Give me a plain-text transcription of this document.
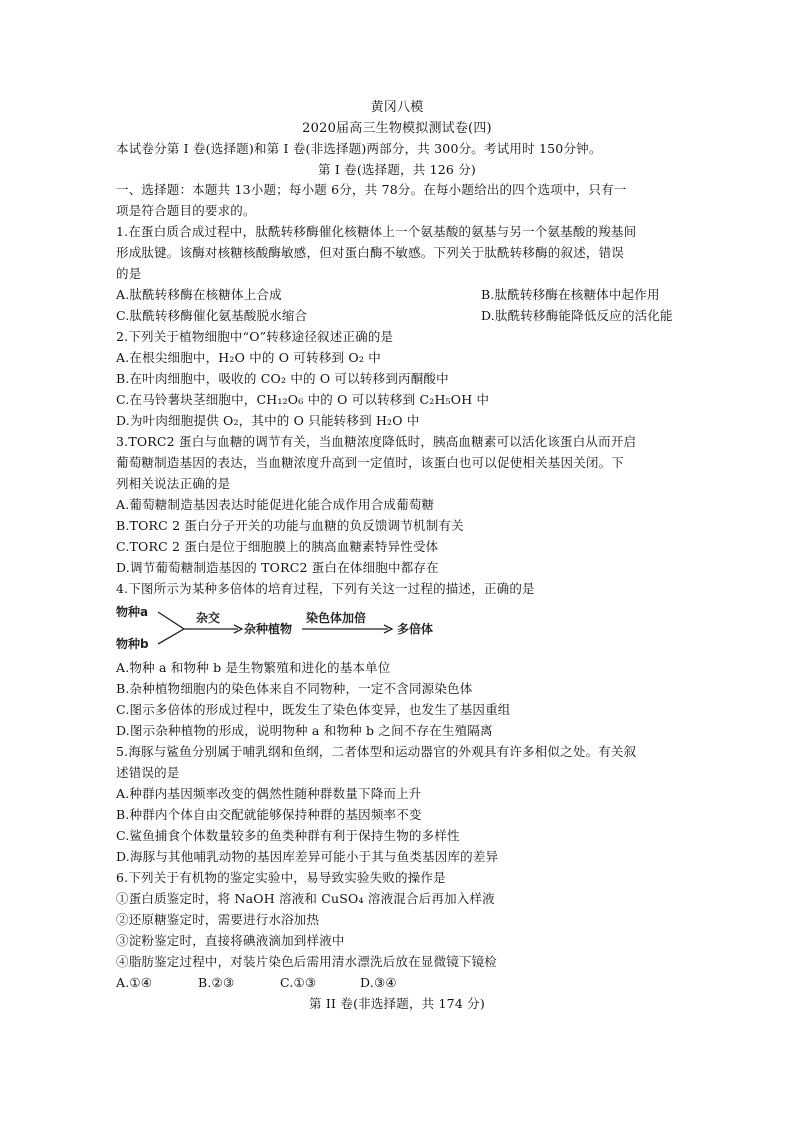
黄冈八模
2020届高三生物模拟测试卷(四)
本试卷分第 I 卷(选择题)和第 I 卷(非选择题)两部分，共 300分。考试用时 150分钟。
第 I 卷(选择题，共 126 分)
一、选择题：本题共 13小题；每小题 6分，共 78分。在每小题给出的四个选项中，只有一
项是符合题目的要求的。
1.在蛋白质合成过程中，肽酰转移酶催化核糖体上一个氨基酸的氨基与另一个氨基酸的羧基间
形成肽键。该酶对核糖核酸酶敏感，但对蛋白酶不敏感。下列关于肽酰转移酶的叙述，错误
的是
A.肽酰转移酶在核糖体上合成	B.肽酰转移酶在核糖体中起作用
C.肽酰转移酶催化氨基酸脱水缩合	D.肽酰转移酶能降低反应的活化能
2.下列关于植物细胞中“O”转移途径叙述正确的是
A.在根尖细胞中，H₂O 中的 O 可转移到 O₂ 中
B.在叶肉细胞中，吸收的 CO₂ 中的 O 可以转移到丙酮酸中
C.在马铃薯块茎细胞中，CH₁₂O₆ 中的 O 可以转移到 C₂H₅OH 中
D.为叶肉细胞提供 O₂，其中的 O 只能转移到 H₂O 中
3.TORC2 蛋白与血糖的调节有关，当血糖浓度降低时，胰高血糖素可以活化该蛋白从而开启
葡萄糖制造基因的表达，当血糖浓度升高到一定值时，该蛋白也可以促使相关基因关闭。下
列相关说法正确的是
A.葡萄糖制造基因表达时能促进化能合成作用合成葡萄糖
B.TORC 2 蛋白分子开关的功能与血糖的负反馈调节机制有关
C.TORC 2 蛋白是位于细胞膜上的胰高血糖素特异性受体
D.调节葡萄糖制造基因的 TORC2 蛋白在体细胞中都存在
4.下图所示为某种多倍体的培育过程，下列有关这一过程的描述，正确的是
物种a
物种b
杂交
杂种植物
染色体加倍
多倍体
A.物种 a 和物种 b 是生物繁殖和进化的基本单位
B.杂种植物细胞内的染色体来自不同物种，一定不含同源染色体
C.图示多倍体的形成过程中，既发生了染色体变异，也发生了基因重组
D.图示杂种植物的形成，说明物种 a 和物种 b 之间不存在生殖隔离
5.海豚与鲨鱼分别属于哺乳纲和鱼纲，二者体型和运动器官的外观具有许多相似之处。有关叙
述错误的是
A.种群内基因频率改变的偶然性随种群数量下降而上升
B.种群内个体自由交配就能够保持种群的基因频率不变
C.鲨鱼捕食个体数量较多的鱼类种群有利于保持生物的多样性
D.海豚与其他哺乳动物的基因库差异可能小于其与鱼类基因库的差异
6.下列关于有机物的鉴定实验中，易导致实验失败的操作是
①蛋白质鉴定时，将 NaOH 溶液和 CuSO₄ 溶液混合后再加入样液
②还原糖鉴定时，需要进行水浴加热
③淀粉鉴定时，直接将碘液滴加到样液中
④脂肪鉴定过程中，对装片染色后需用清水漂洗后放在显微镜下镜检
A.①④	B.②③	C.①③	D.③④
第 II 卷(非选择题，共 174 分)
